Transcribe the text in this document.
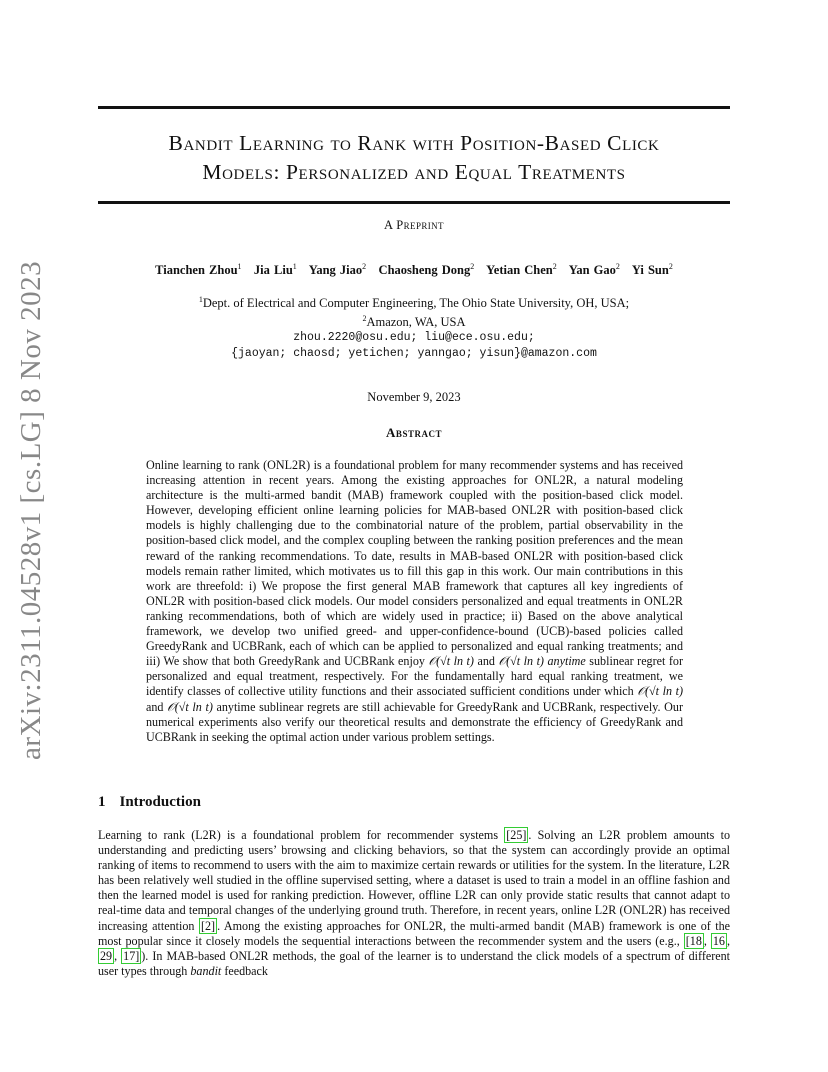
arXiv:2311.04528v1 [cs.LG] 8 Nov 2023
Bandit Learning to Rank with Position-Based Click
Models: Personalized and Equal Treatments
A Preprint
Tianchen Zhou$^1$ Jia Liu$^1$ Yang Jiao$^2$ Chaosheng Dong$^2$ Yetian Chen$^2$ Yan Gao$^2$ Yi Sun$^2$
$^1$Dept. of Electrical and Computer Engineering, The Ohio State University, OH, USA;
$^2$Amazon, WA, USA
zhou.2220@osu.edu; liu@ece.osu.edu;
{jaoyan; chaosd; yetichen; yanngao; yisun}@amazon.com
November 9, 2023
Abstract
Online learning to rank (ONL2R) is a foundational problem for many recommender systems and has received increasing attention in recent years. Among the existing approaches for ONL2R, a natural modeling architecture is the multi-armed bandit (MAB) framework coupled with the position-based click model. However, developing efficient online learning policies for MAB-based ONL2R with position-based click models is highly challenging due to the combinatorial nature of the problem, partial observability in the position-based click model, and the complex coupling between the ranking position preferences and the mean reward of the ranking recommendations. To date, results in MAB-based ONL2R with position-based click models remain rather limited, which motivates us to fill this gap in this work. Our main contributions in this work are threefold: i) We propose the first general MAB framework that captures all key ingredients of ONL2R with position-based click models. Our model considers personalized and equal treatments in ONL2R ranking recommendations, both of which are widely used in practice; ii) Based on the above analytical framework, we develop two unified greed- and upper-confidence-bound (UCB)-based policies called GreedyRank and UCBRank, each of which can be applied to personalized and equal ranking treatments; and iii) We show that both GreedyRank and UCBRank enjoy 𝒪(√t ln t) and 𝒪(√t ln t) anytime sublinear regret for personalized and equal treatment, respectively. For the fundamentally hard equal ranking treatment, we identify classes of collective utility functions and their associated sufficient conditions under which 𝒪(√t ln t) and 𝒪(√t ln t) anytime sublinear regrets are still achievable for GreedyRank and UCBRank, respectively. Our numerical experiments also verify our theoretical results and demonstrate the efficiency of GreedyRank and UCBRank in seeking the optimal action under various problem settings.
1 Introduction
Learning to rank (L2R) is a foundational problem for recommender systems [25] . Solving an L2R problem amounts to understanding and predicting users’ browsing and clicking behaviors, so that the system can accordingly provide an optimal ranking of items to recommend to users with the aim to maximize certain rewards or utilities for the system. In the literature, L2R has been relatively well studied in the offline supervised setting, where a dataset is used to train a model in an offline fashion and then the learned model is used for ranking prediction. However, offline L2R can only provide static results that cannot adapt to real-time data and temporal changes of the underlying ground truth. Therefore, in recent years, online L2R (ONL2R) has received increasing attention [2] . Among the existing approaches for ONL2R, the multi-armed bandit (MAB) framework is one of the most popular since it closely models the sequential interactions between the recommender system and the users (e.g., [18 , 16 , 29 , 17] ). In MAB-based ONL2R methods, the goal of the learner is to understand the click models of a spectrum of different user types through bandit feedback
